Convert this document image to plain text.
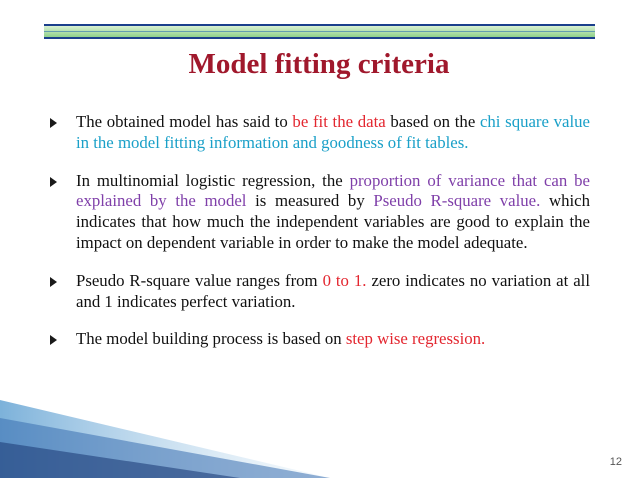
Model fitting criteria
The obtained model has said to be fit the data based on the chi square value in the model fitting information and goodness of fit tables.
In multinomial logistic regression, the proportion of variance that can be explained by the model is measured by Pseudo R-square value. which indicates that how much the independent variables are good to explain the impact on dependent variable in order to make the model adequate.
Pseudo R-square value ranges from 0 to 1. zero indicates no variation at all and 1 indicates perfect variation.
The model building process is based on step wise regression.
12
